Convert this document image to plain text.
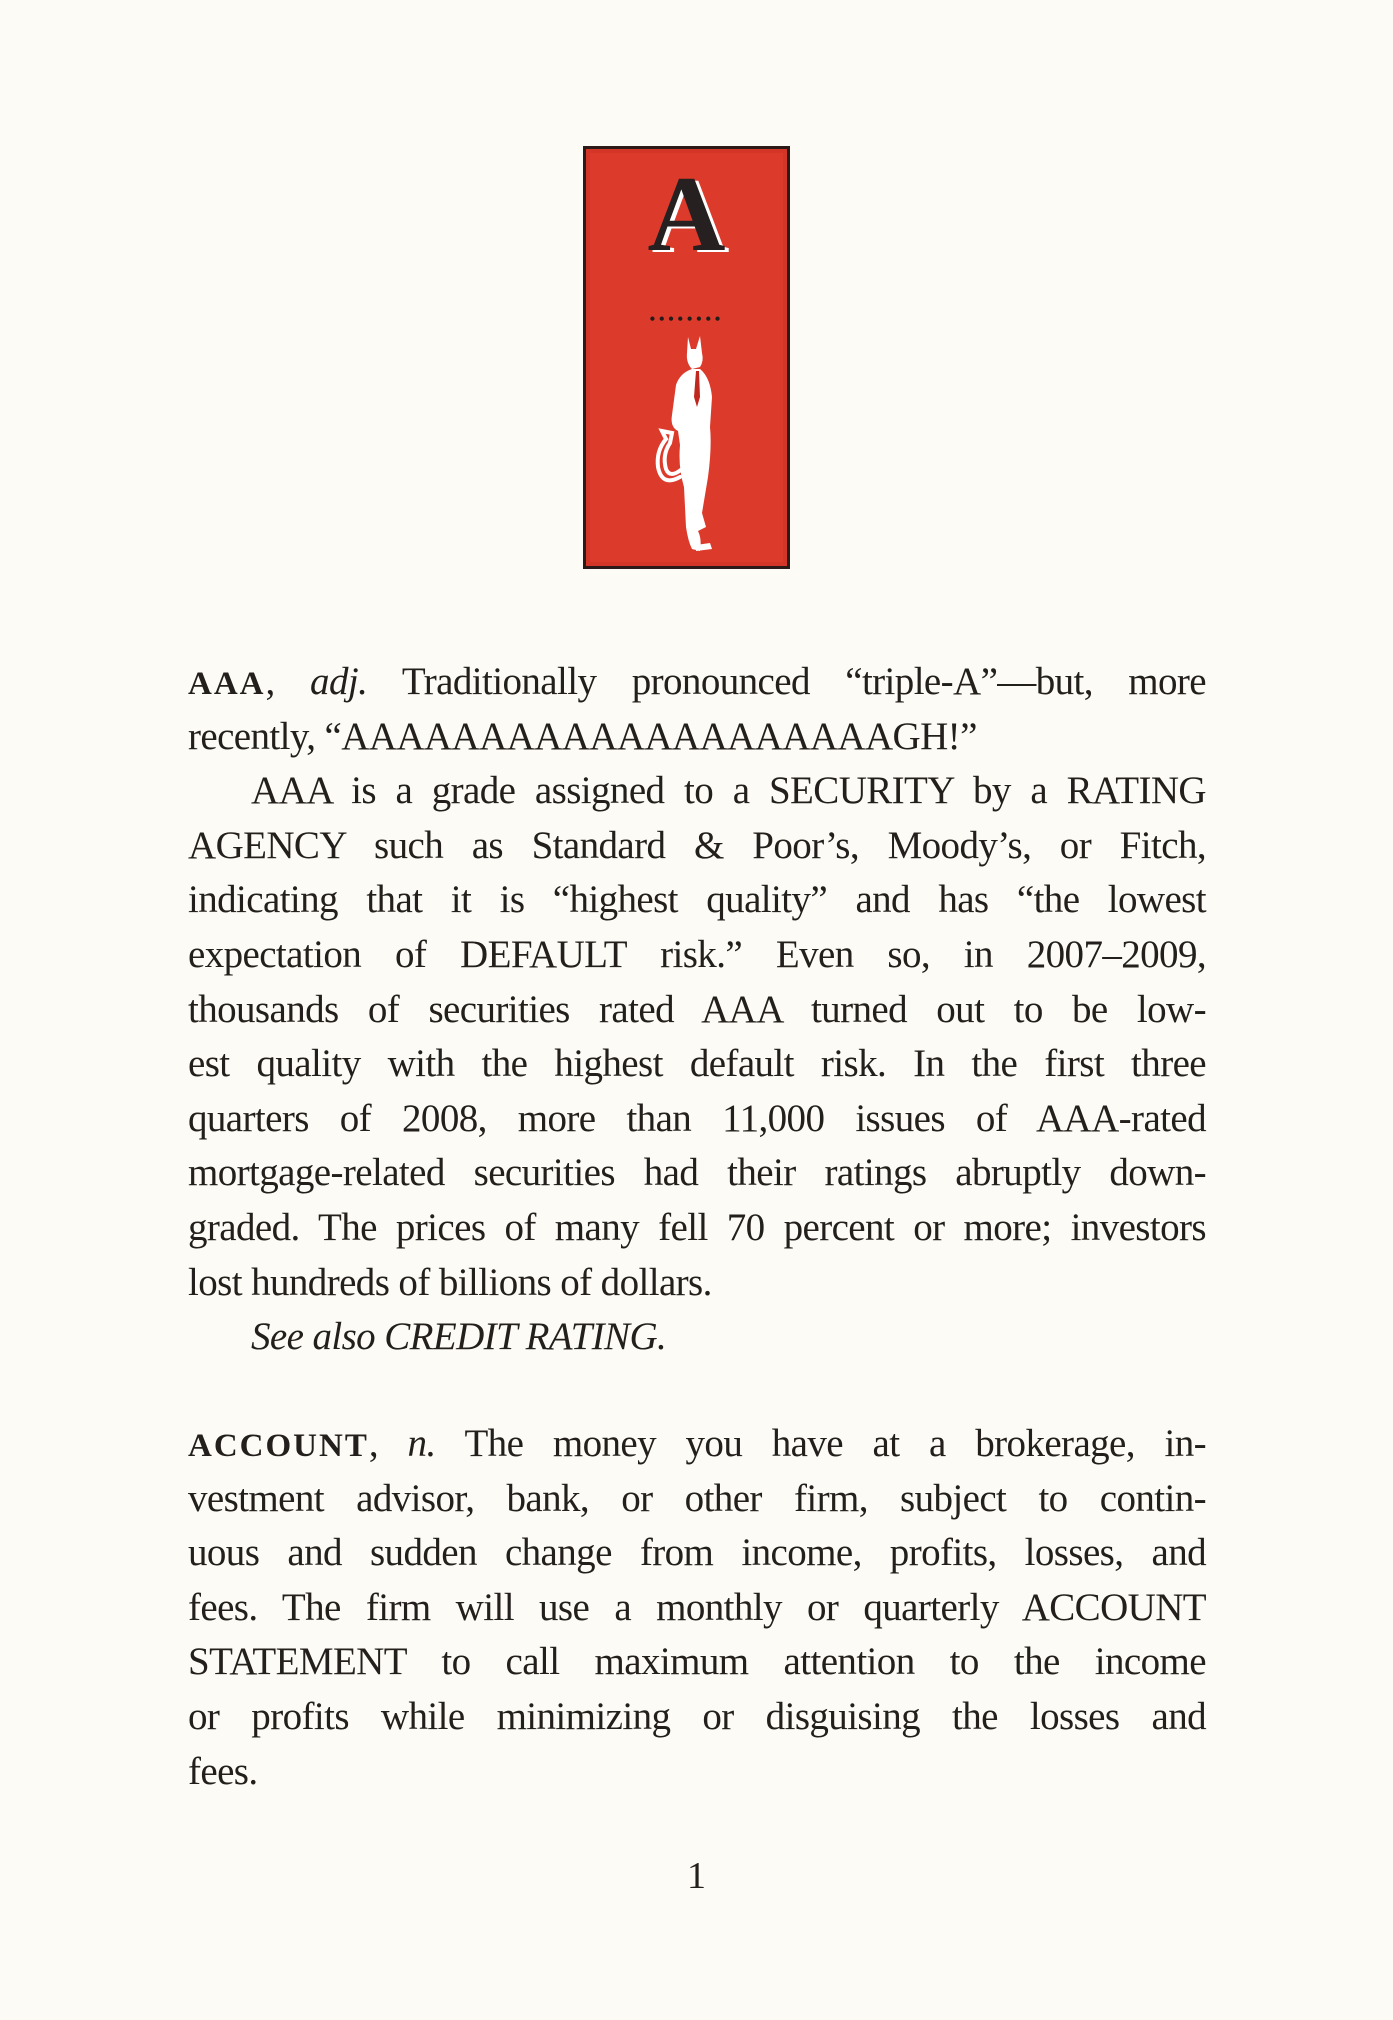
A
••••••••
AAA, adj. Traditionally pronounced “triple-A”—but, more
recently, “AAAAAAAAAAAAAAAAAAAAGH!”
AAA is a grade assigned to a SECURITY by a RATING
AGENCY such as Standard & Poor’s, Moody’s, or Fitch,
indicating that it is “highest quality” and has “the lowest
expectation of DEFAULT risk.” Even so, in 2007–2009,
thousands of securities rated AAA turned out to be low-
est quality with the highest default risk. In the first three
quarters of 2008, more than 11,000 issues of AAA-rated
mortgage-related securities had their ratings abruptly down-
graded. The prices of many fell 70 percent or more; investors
lost hundreds of billions of dollars.
See also CREDIT RATING.
ACCOUNT, n. The money you have at a brokerage, in-
vestment advisor, bank, or other firm, subject to contin-
uous and sudden change from income, profits, losses, and
fees. The firm will use a monthly or quarterly ACCOUNT
STATEMENT to call maximum attention to the income
or profits while minimizing or disguising the losses and
fees.
1
